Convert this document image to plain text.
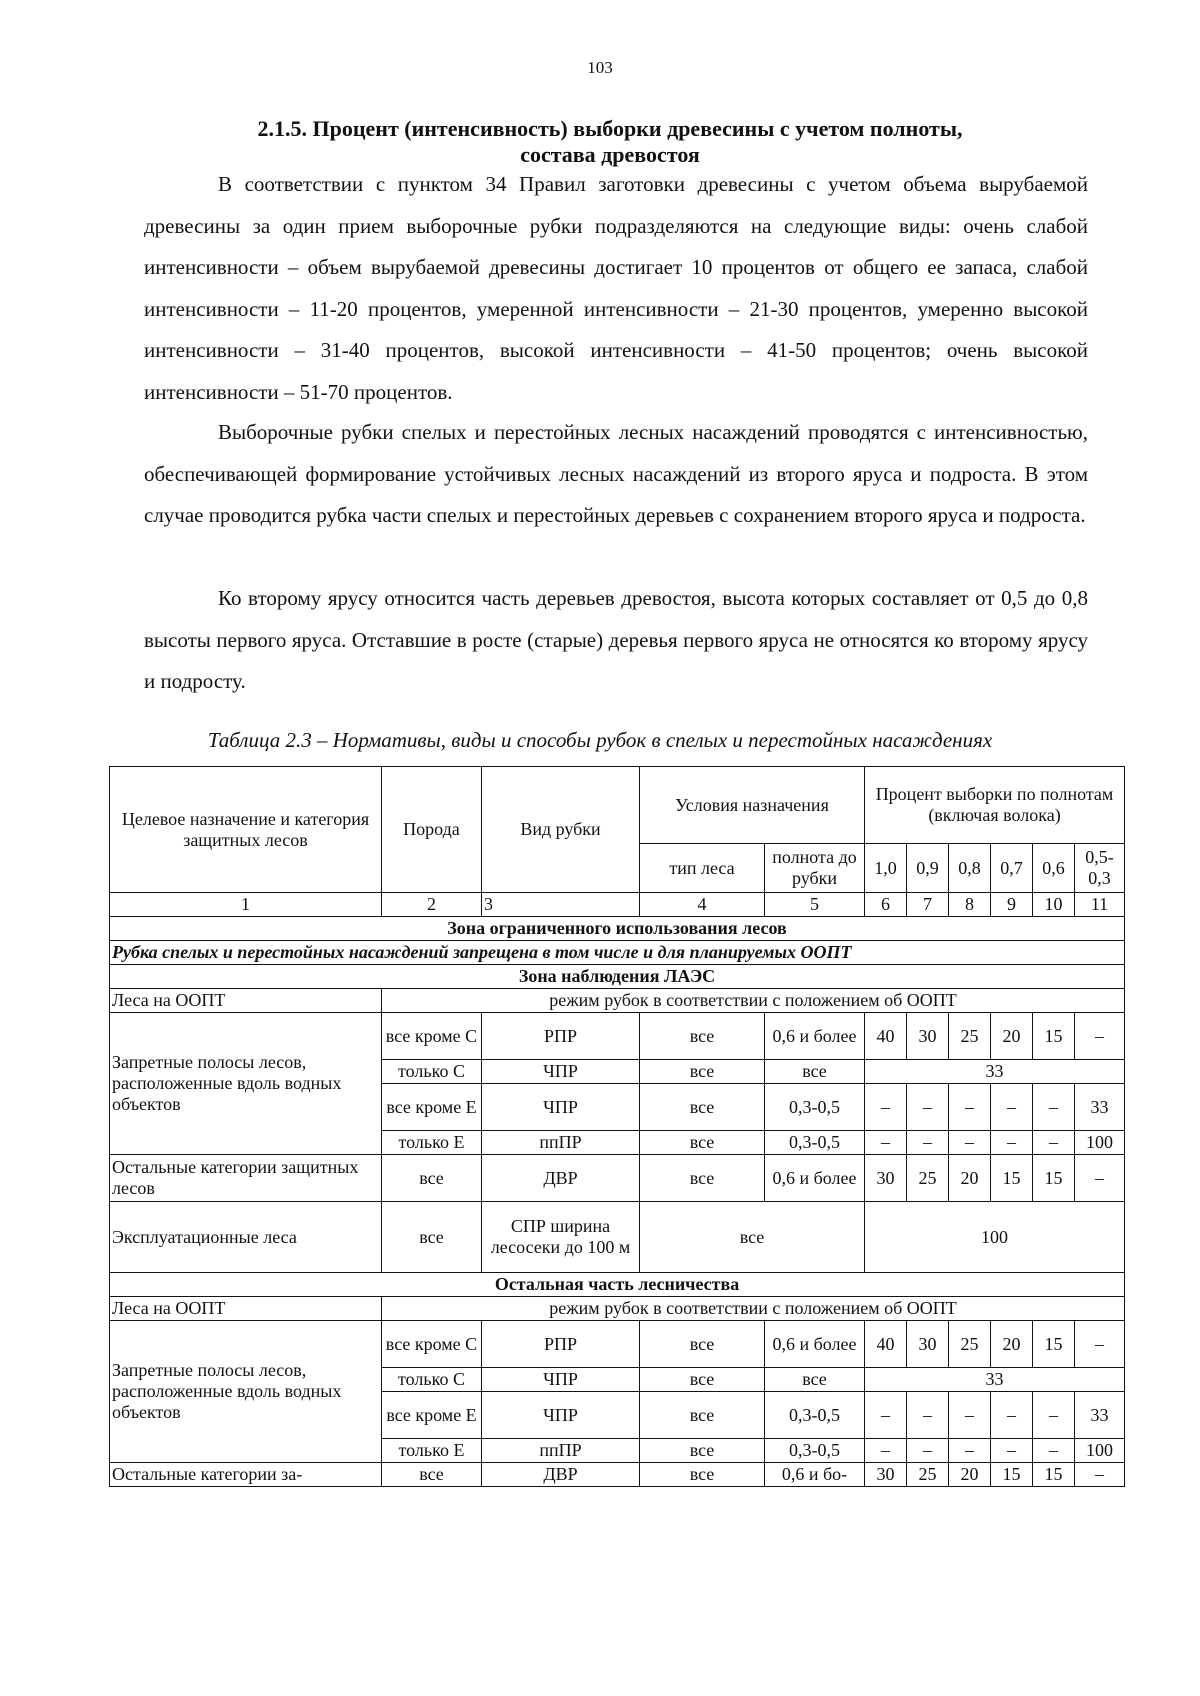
103
2.1.5. Процент (интенсивность) выборки древесины с учетом полноты,
состава древостоя
В соответствии с пунктом 34 Правил заготовки древесины с учетом объема вырубаемой древесины за один прием выборочные рубки подразделяются на следующие виды: очень слабой интенсивности – объем вырубаемой древесины достигает 10 процентов от общего ее запаса, слабой интенсивности – 11-20 процентов, умеренной интенсивности – 21-30 процентов, умеренно высокой интенсивности – 31-40 процентов, высокой интенсивности – 41-50 процентов; очень высокой интенсивности – 51-70 процентов.
Выборочные рубки спелых и перестойных лесных насаждений проводятся с интенсивностью, обеспечивающей формирование устойчивых лесных насаждений из второго яруса и подроста. В этом случае проводится рубка части спелых и перестойных деревьев с сохранением второго яруса и подроста.
Ко второму ярусу относится часть деревьев древостоя, высота которых составляет от 0,5 до 0,8 высоты первого яруса. Отставшие в росте (старые) деревья первого яруса не относятся ко второму ярусу и подросту.
Таблица 2.3 – Нормативы, виды и способы рубок в спелых и перестойных насаждениях
Целевое назначение и категория защитных лесов	Порода	Вид рубки	Условия назначения		Процент выборки по полнотам (включая волока)					
			тип леса	полнота до рубки	1,0	0,9	0,8	0,7	0,6	0,5-0,3
1	2	3	4	5	6	7	8	9	10	11
Зона ограниченного использования лесов										
Рубка спелых и перестойных насаждений запрещена в том числе и для планируемых ООПТ										
Зона наблюдения ЛАЭС										
Леса на ООПТ	режим рубок в соответствии с положением об ООПТ									
Запретные полосы лесов, расположенные вдоль водных объектов	все кроме С	РПР	все	0,6 и более	40	30	25	20	15	–
	только С	ЧПР	все	все	33					
	все кроме Е	ЧПР	все	0,3-0,5	–	–	–	–	–	33
	только Е	ппПР	все	0,3-0,5	–	–	–	–	–	100
Остальные категории защитных лесов	все	ДВР	все	0,6 и более	30	25	20	15	15	–
Эксплуатационные леса	все	СПР ширина лесосеки до 100 м	все		100					
Остальная часть лесничества										
Леса на ООПТ	режим рубок в соответствии с положением об ООПТ									
Запретные полосы лесов, расположенные вдоль водных объектов	все кроме С	РПР	все	0,6 и более	40	30	25	20	15	–
	только С	ЧПР	все	все	33					
	все кроме Е	ЧПР	все	0,3-0,5	–	–	–	–	–	33
	только Е	ппПР	все	0,3-0,5	–	–	–	–	–	100
Остальные категории за-	все	ДВР	все	0,6 и бо-	30	25	20	15	15	–
